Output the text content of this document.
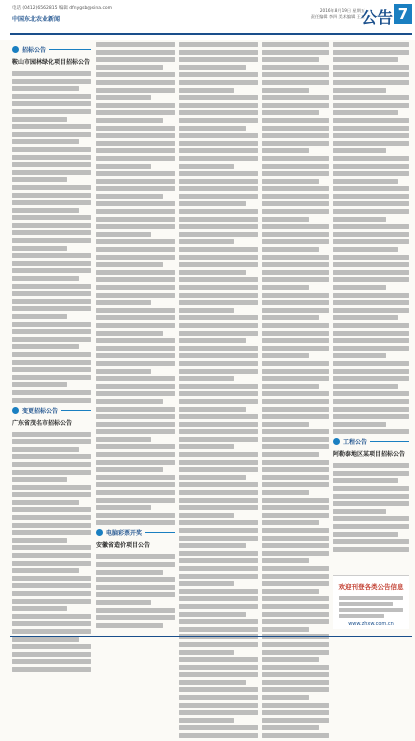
电话 (0412)6562815 编辑 dfnygsb@sina.com
中国东北农业新闻
2016年8月19日 星期五
责任编辑 李四 美术编辑 王五
公告 7
招标公告
鞍山市园林绿化项目招标公告
变更招标公告
广东省茂名市招标公告
电脑彩票开奖
安徽省造价项目公告
工程公告
阿勒泰地区某项目招标公告
欢迎刊登各类公告信息
www.zhxw.com.cn
